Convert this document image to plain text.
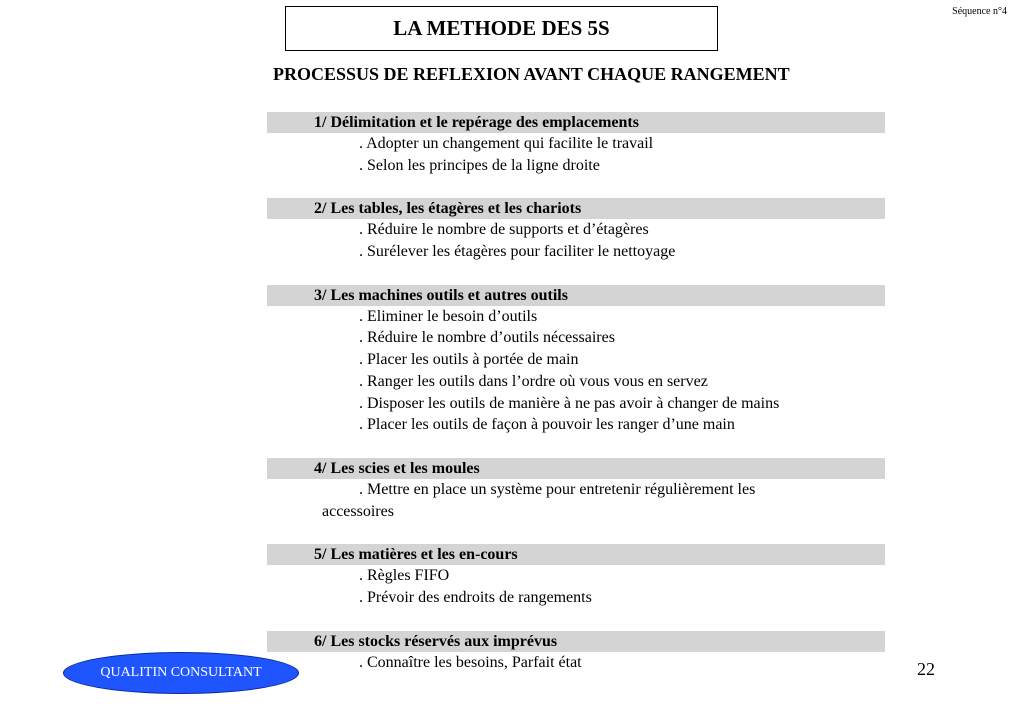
Séquence n°4
LA METHODE DES 5S
PROCESSUS DE REFLEXION AVANT CHAQUE RANGEMENT
1/ Délimitation et le repérage des emplacements
. Adopter un changement qui facilite le travail
. Selon les principes de la ligne droite
2/ Les tables, les étagères et les chariots
. Réduire le nombre de supports et d’étagères
. Surélever les étagères pour faciliter le nettoyage
3/ Les machines outils et autres outils
. Eliminer le besoin d’outils
. Réduire le nombre d’outils nécessaires
. Placer les outils à portée de main
. Ranger les outils dans l’ordre où vous vous en servez
. Disposer les outils de manière à ne pas avoir à changer de mains
. Placer les outils de façon à pouvoir les ranger d’une main
4/ Les scies et les moules
. Mettre en place un système pour entretenir régulièrement les
accessoires
5/ Les matières et les en-cours
. Règles FIFO
. Prévoir des endroits de rangements
6/ Les stocks réservés aux imprévus
. Connaître les besoins, Parfait état
QUALITIN CONSULTANT	22
